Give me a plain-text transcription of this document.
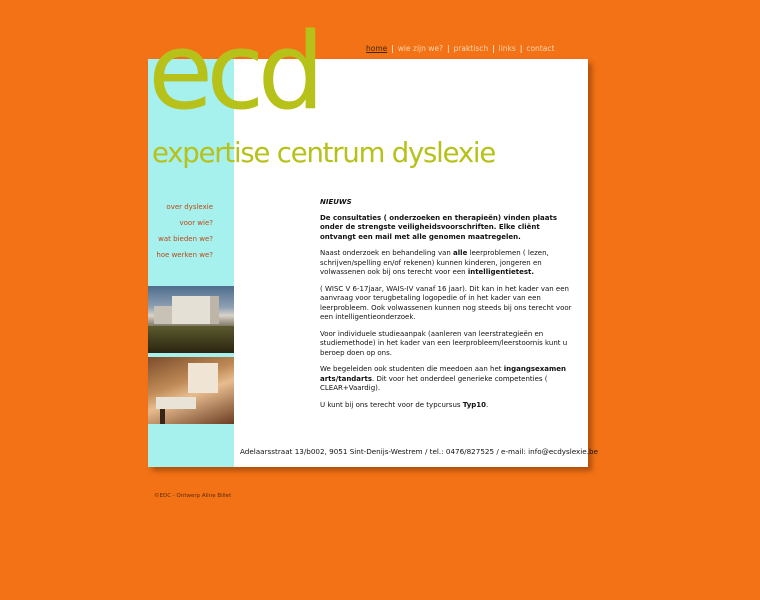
home | wie zijn we? | praktisch | links | contact
over dyslexie
voor wie?
wat bieden we?
hoe werken we?
ecd
expertise centrum dyslexie

NIEUWS

De consultaties ( onderzoeken en therapieën) vinden plaats onder de strengste veiligheidsvoorschriften. Elke cliënt ontvangt een mail met alle genomen maatregelen.

Naast onderzoek en behandeling van alle leerproblemen ( lezen, schrijven/spelling en/of rekenen) kunnen kinderen, jongeren en volwassenen ook bij ons terecht voor een intelligentietest.

( WISC V 6-17jaar, WAIS-IV vanaf 16 jaar). Dit kan in het kader van een aanvraag voor terugbetaling logopedie of in het kader van een leerprobleem. Ook volwassenen kunnen nog steeds bij ons terecht voor een intelligentieonderzoek.

Voor individuele studieaanpak (aanleren van leerstrategieën en studiemethode) in het kader van een leerprobleem/leerstoornis kunt u beroep doen op ons.

We begeleiden ook studenten die meedoen aan het ingangsexamen arts/tandarts. Dit voor het onderdeel generieke competenties ( CLEAR+Vaardig).

U kunt bij ons terecht voor de typcursus Typ10.

Adelaarsstraat 13/b002, 9051 Sint-Denijs-Westrem / tel.: 0476/827525 / e-mail: info@ecdyslexie.be
©EDC - Ontwerp Aline Billet
